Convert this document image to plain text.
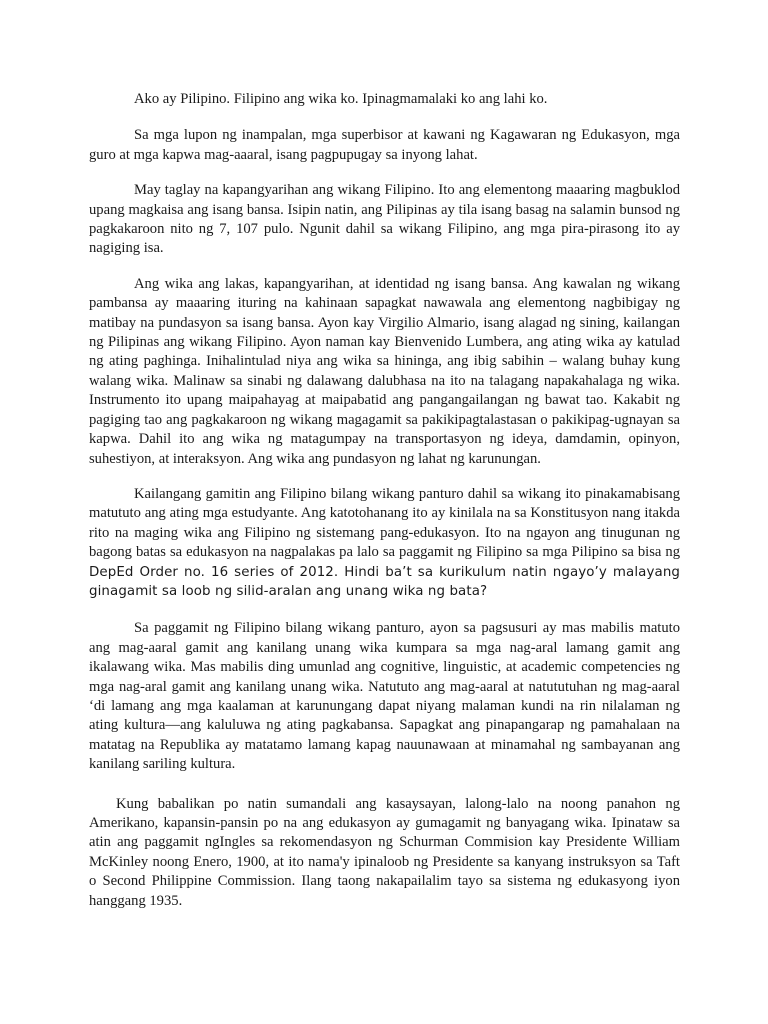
Ako ay Pilipino. Filipino ang wika ko. Ipinagmamalaki ko ang lahi ko.

Sa mga lupon ng inampalan, mga superbisor at kawani ng Kagawaran ng Edukasyon, mga guro at mga kapwa mag-aaaral, isang pagpupugay sa inyong lahat.

May taglay na kapangyarihan ang wikang Filipino. Ito ang elementong maaaring magbuklod upang magkaisa ang isang bansa. Isipin natin, ang Pilipinas ay tila isang basag na salamin bunsod ng pagkakaroon nito ng 7, 107 pulo. Ngunit dahil sa wikang Filipino, ang mga pira-pirasong ito ay nagiging isa.

Ang wika ang lakas, kapangyarihan, at identidad ng isang bansa. Ang kawalan ng wikang pambansa ay maaaring ituring na kahinaan sapagkat nawawala ang elementong nagbibigay ng matibay na pundasyon sa isang bansa. Ayon kay Virgilio Almario, isang alagad ng sining, kailangan ng Pilipinas ang wikang Filipino. Ayon naman kay Bienvenido Lumbera, ang ating wika ay katulad ng ating paghinga. Inihalintulad niya ang wika sa hininga, ang ibig sabihin – walang buhay kung walang wika. Malinaw sa sinabi ng dalawang dalubhasa na ito na talagang napakahalaga ng wika. Instrumento ito upang maipahayag at maipabatid ang pangangailangan ng bawat tao. Kakabit ng pagiging tao ang pagkakaroon ng wikang magagamit sa pakikipagtalastasan o pakikipag-ugnayan sa kapwa. Dahil ito ang wika ng matagumpay na transportasyon ng ideya, damdamin, opinyon, suhestiyon, at interaksyon. Ang wika ang pundasyon ng lahat ng karunungan.

Kailangang gamitin ang Filipino bilang wikang panturo dahil sa wikang ito pinakamabisang matututo ang ating mga estudyante. Ang katotohanang ito ay kinilala na sa Konstitusyon nang itakda rito na maging wika ang Filipino ng sistemang pang-edukasyon. Ito na ngayon ang tinugunan ng bagong batas sa edukasyon na nagpalakas pa lalo sa paggamit ng Filipino sa mga Pilipino sa bisa ng DepEd Order no. 16 series of 2012. Hindi ba’t sa kurikulum natin ngayo’y malayang ginagamit sa loob ng silid-aralan ang unang wika ng bata?

Sa paggamit ng Filipino bilang wikang panturo, ayon sa pagsusuri ay mas mabilis matuto ang mag-aaral gamit ang kanilang unang wika kumpara sa mga nag-aral lamang gamit ang ikalawang wika. Mas mabilis ding umunlad ang cognitive, linguistic, at academic competencies ng mga nag-aral gamit ang kanilang unang wika. Natututo ang mag-aaral at natututuhan ng mag-aaral ‘di lamang ang mga kaalaman at karunungang dapat niyang malaman kundi na rin nilalaman ng ating kultura—ang kaluluwa ng ating pagkabansa. Sapagkat ang pinapangarap ng pamahalaan na matatag na Republika ay matatamo lamang kapag nauunawaan at minamahal ng sambayanan ang kanilang sariling kultura.

Kung babalikan po natin sumandali ang kasaysayan, lalong-lalo na noong panahon ng Amerikano, kapansin-pansin po na ang edukasyon ay gumagamit ng banyagang wika. Ipinataw sa atin ang paggamit ngIngles sa rekomendasyon ng Schurman Commision kay Presidente William McKinley noong Enero, 1900, at ito nama'y ipinaloob ng Presidente sa kanyang instruksyon sa Taft o Second Philippine Commission. Ilang taong nakapailalim tayo sa sistema ng edukasyong iyon hanggang 1935.
